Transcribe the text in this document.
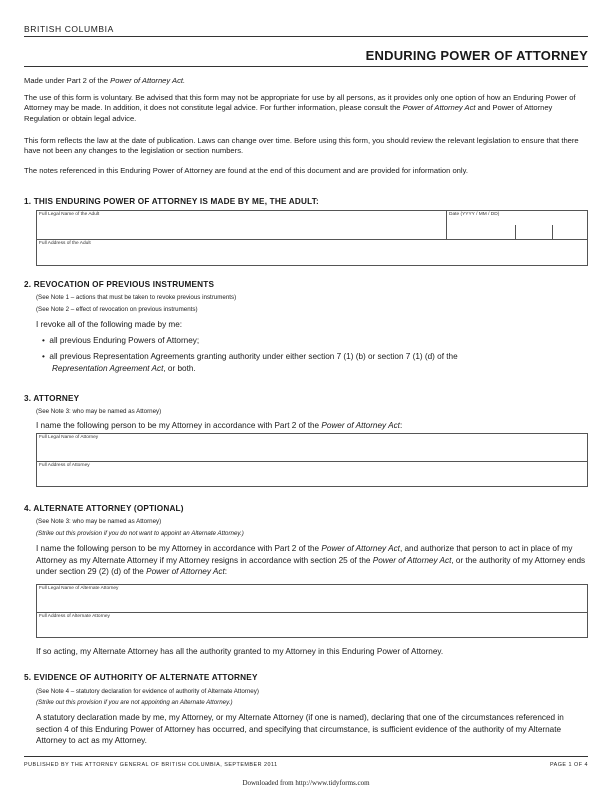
BRITISH COLUMBIA
ENDURING POWER OF ATTORNEY
Made under Part 2 of the Power of Attorney Act.
The use of this form is voluntary. Be advised that this form may not be appropriate for use by all persons, as it provides only one option of how an Enduring Power of Attorney may be made. In addition, it does not constitute legal advice. For further information, please consult the Power of Attorney Act and Power of Attorney Regulation or obtain legal advice.
This form reflects the law at the date of publication. Laws can change over time. Before using this form, you should review the relevant legislation to ensure that there have not been any changes to the legislation or section numbers.
The notes referenced in this Enduring Power of Attorney are found at the end of this document and are provided for information only.
1. THIS ENDURING POWER OF ATTORNEY IS MADE BY ME, THE ADULT:
Full Legal Name of the Adult	Date (YYYY / MM / DD)
Full Address of the Adult
2. REVOCATION OF PREVIOUS INSTRUMENTS
(See Note 1 – actions that must be taken to revoke previous instruments)
(See Note 2 – effect of revocation on previous instruments)
I revoke all of the following made by me:
•  all previous Enduring Powers of Attorney;
•  all previous Representation Agreements granting authority under either section 7 (1) (b) or section 7 (1) (d) of the
Representation Agreement Act, or both.
3. ATTORNEY
(See Note 3: who may be named as Attorney)
I name the following person to be my Attorney in accordance with Part 2 of the Power of Attorney Act:
Full Legal Name of Attorney
Full Address of Attorney
4. ALTERNATE ATTORNEY (OPTIONAL)
(See Note 3: who may be named as Attorney)
(Strike out this provision if you do not want to appoint an Alternate Attorney.)
I name the following person to be my Attorney in accordance with Part 2 of the Power of Attorney Act, and authorize that person to act in place of my Attorney as my Alternate Attorney if my Attorney resigns in accordance with section 25 of the Power of Attorney Act, or the authority of my Attorney ends under section 29 (2) (d) of the Power of Attorney Act:
Full Legal Name of Alternate Attorney
Full Address of Alternate Attorney
If so acting, my Alternate Attorney has all the authority granted to my Attorney in this Enduring Power of Attorney.
5. EVIDENCE OF AUTHORITY OF ALTERNATE ATTORNEY
(See Note 4 – statutory declaration for evidence of authority of Alternate Attorney)
(Strike out this provision if you are not appointing an Alternate Attorney.)
A statutory declaration made by me, my Attorney, or my Alternate Attorney (if one is named), declaring that one of the circumstances referenced in section 4 of this Enduring Power of Attorney has occurred, and specifying that circumstance, is sufficient evidence of the authority of my Alternate Attorney to act as my Attorney.
PUBLISHED BY THE ATTORNEY GENERAL OF BRITISH COLUMBIA, SEPTEMBER 2011	PAGE 1 OF 4
Downloaded from http://www.tidyforms.com
